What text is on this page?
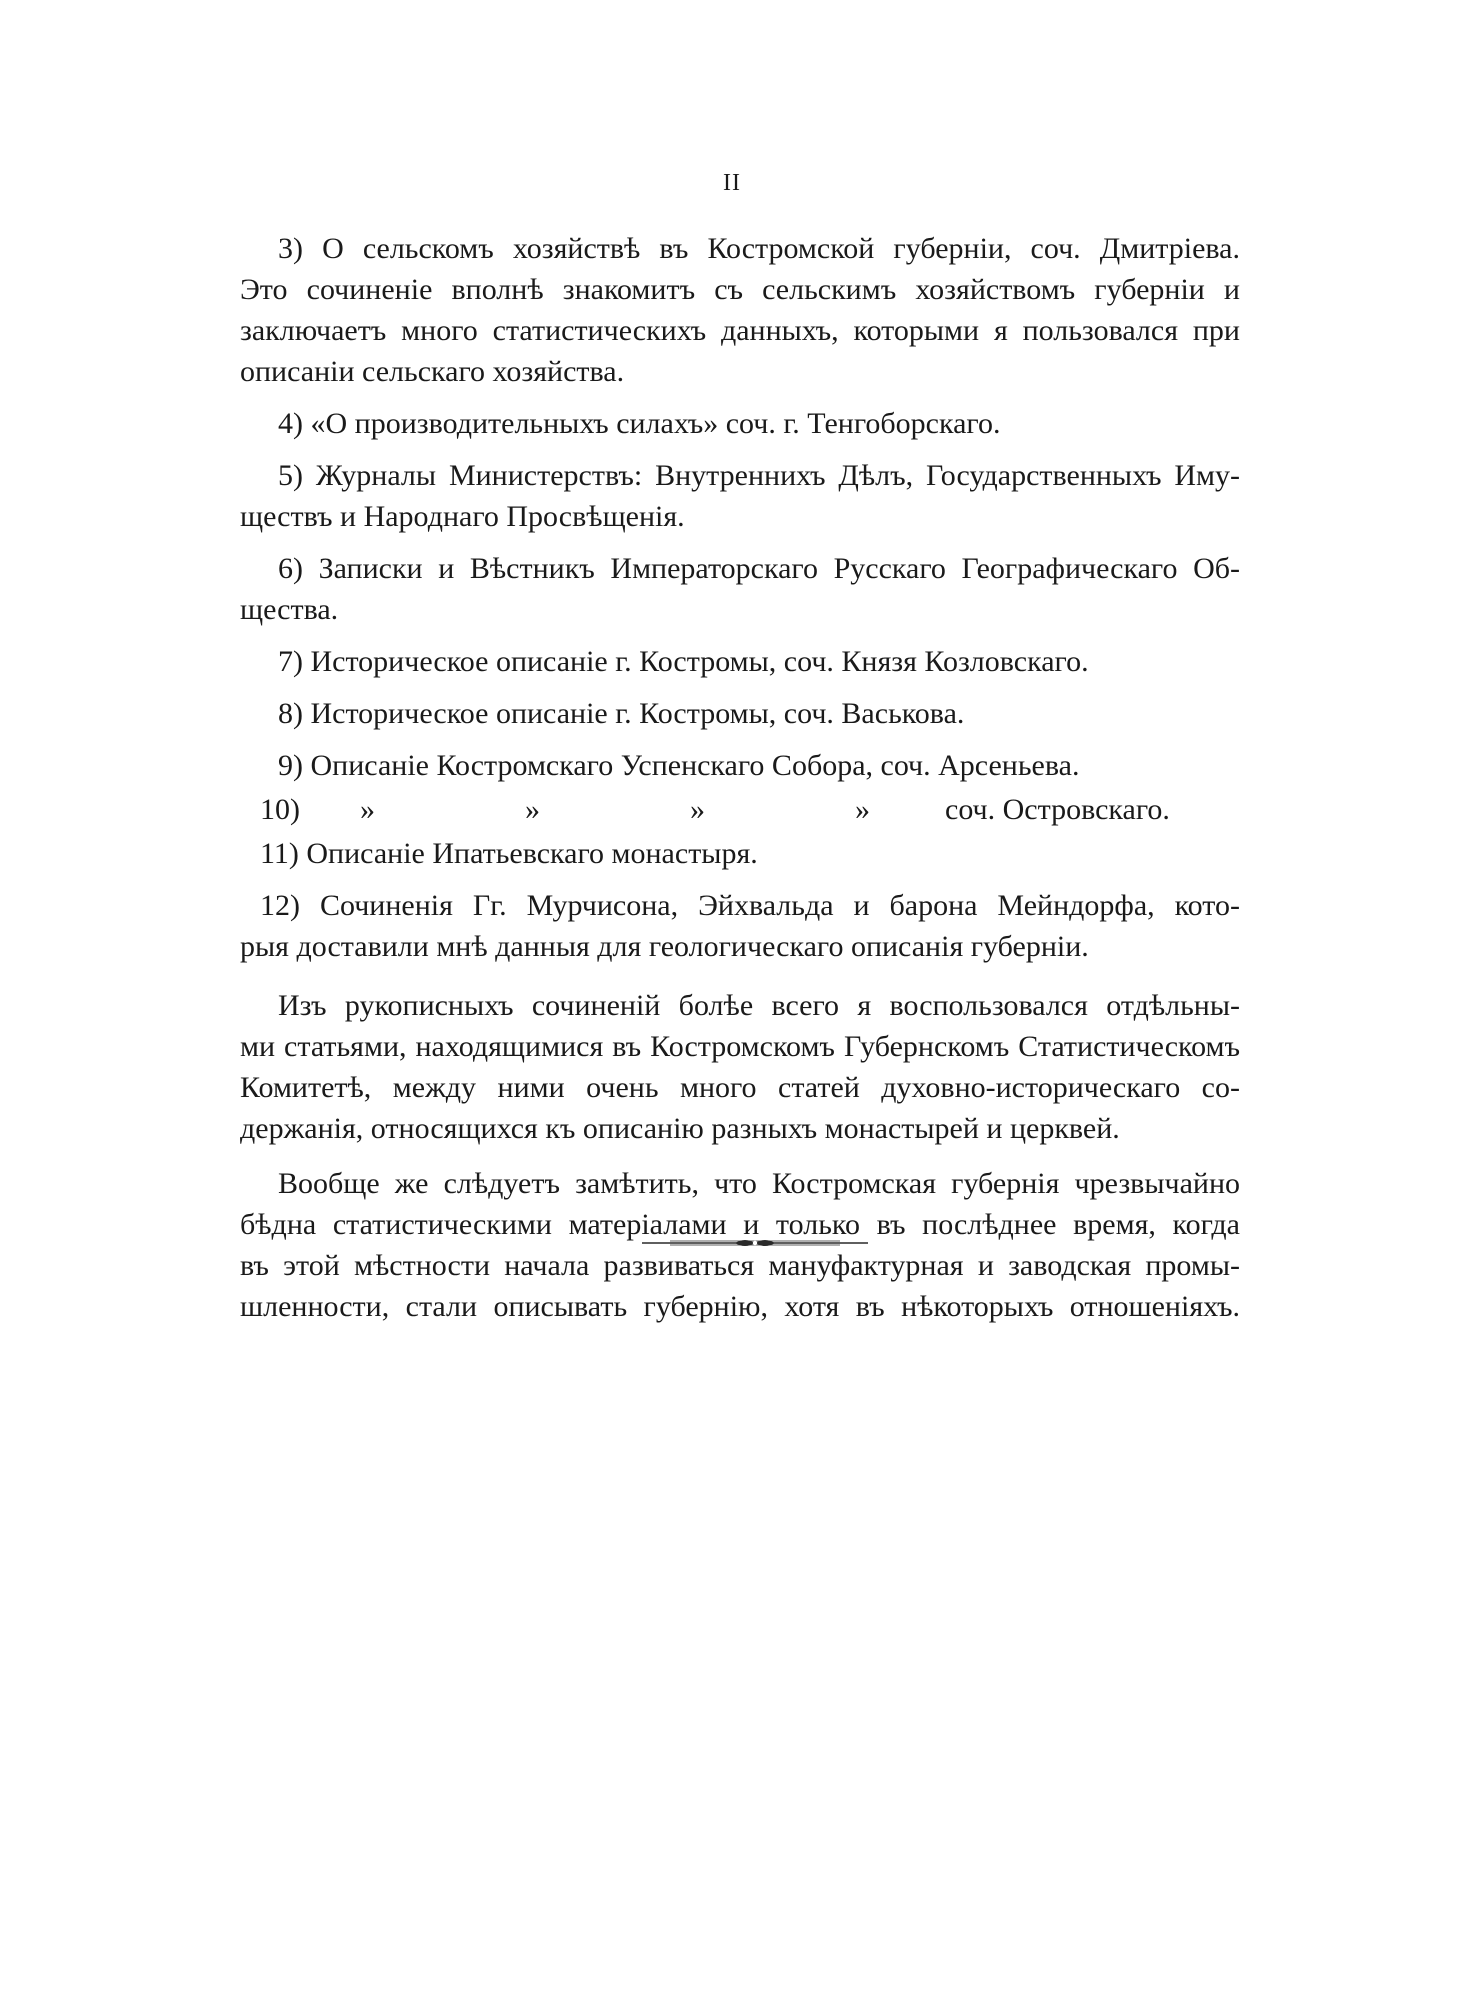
II

3) О сельскомъ хозяйствѣ въ Костромской губерніи, соч. Дмитріева.
Это сочиненіе вполнѣ знакомитъ съ сельскимъ хозяйствомъ губерніи и
заключаетъ много статистическихъ данныхъ, которыми я пользовался при
описаніи сельскаго хозяйства.

4) «О производительныхъ силахъ» соч. г. Тенгоборскаго.

5) Журналы Министерствъ: Внутреннихъ Дѣлъ, Государственныхъ Иму-
ществъ и Народнаго Просвѣщенія.

6) Записки и Вѣстникъ Императорскаго Русскаго Географическаго Об-
щества.

7) Историческое описаніе г. Костромы, соч. Князя Козловскаго.

8) Историческое описаніе г. Костромы, соч. Васькова.

9) Описаніе Костромскаго Успенскаго Собора, соч. Арсеньева.

10)	»	»	»	»	соч. Островскаго.

11) Описаніе Ипатьевскаго монастыря.

12) Сочиненія Гг. Мурчисона, Эйхвальда и барона Мейндорфа, кото-
рыя доставили мнѣ данныя для геологическаго описанія губерніи.

Изъ рукописныхъ сочиненій болѣе всего я воспользовался отдѣльны-
ми статьями, находящимися въ Костромскомъ Губернскомъ Статистическомъ
Комитетѣ, между ними очень много статей духовно-историческаго со-
держанія, относящихся къ описанію разныхъ монастырей и церквей.

Вообще же слѣдуетъ замѣтить, что Костромская губернія чрезвычайно
бѣдна статистическими матеріалами и только въ послѣднее время, когда
въ этой мѣстности начала развиваться мануфактурная и заводская промы-
шленности, стали описывать губернію, хотя въ нѣкоторыхъ отношеніяхъ.
